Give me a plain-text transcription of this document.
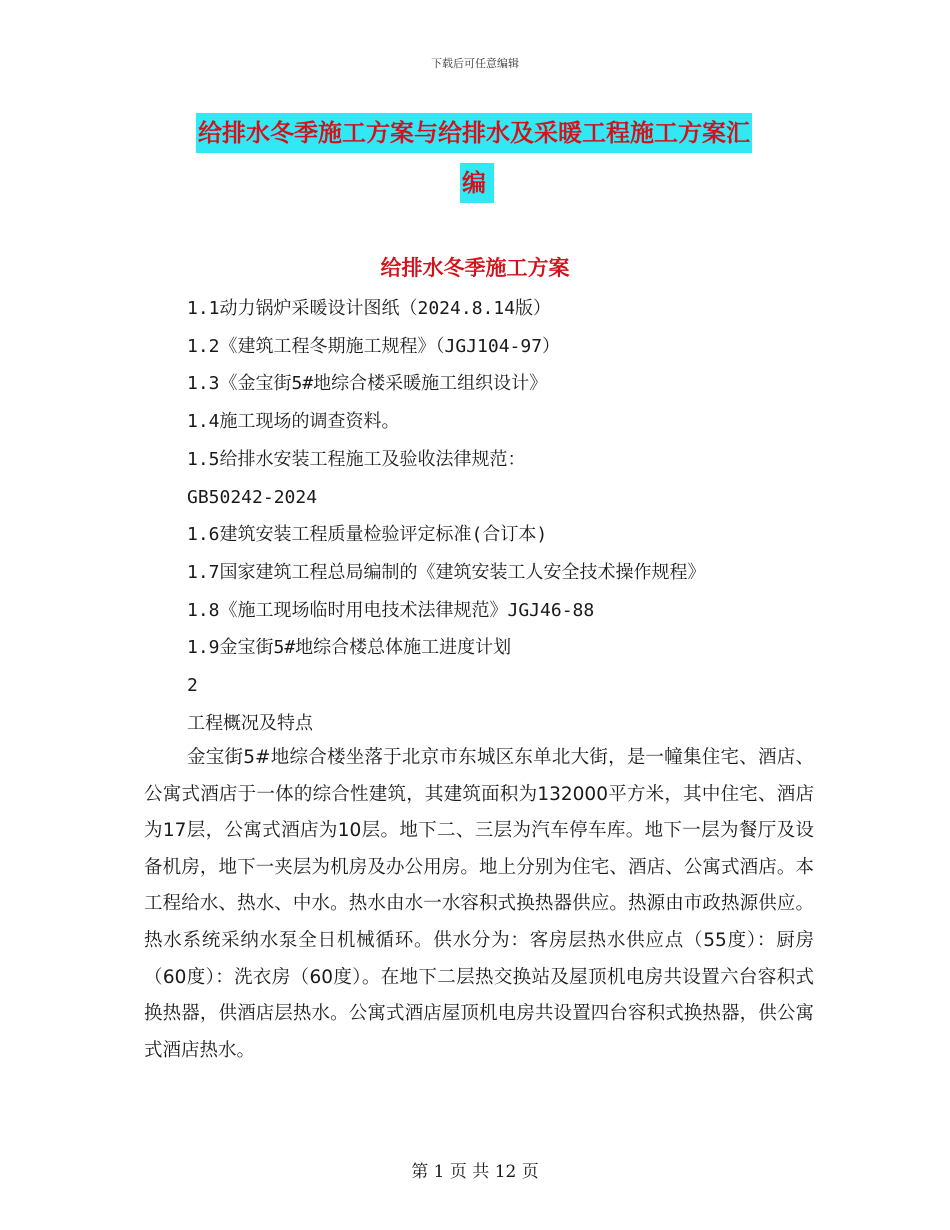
下载后可任意编辑
给排水冬季施工方案与给排水及采暖工程施工方案汇
编
给排水冬季施工方案
1.1动力锅炉采暖设计图纸（2024.8.14版）
1.2《建筑工程冬期施工规程》（JGJ104-97）
1.3《金宝街5#地综合楼采暖施工组织设计》
1.4施工现场的调查资料。
1.5给排水安装工程施工及验收法律规范：
GB50242-2024
1.6建筑安装工程质量检验评定标准(合订本)
1.7国家建筑工程总局编制的《建筑安装工人安全技术操作规程》
1.8《施工现场临时用电技术法律规范》JGJ46-88
1.9金宝街5#地综合楼总体施工进度计划
2
工程概况及特点
金宝街5#地综合楼坐落于北京市东城区东单北大街，是一幢集住宅、酒店、公寓式酒店于一体的综合性建筑，其建筑面积为132000平方米，其中住宅、酒店为17层，公寓式酒店为10层。地下二、三层为汽车停车库。地下一层为餐厅及设备机房，地下一夹层为机房及办公用房。地上分别为住宅、酒店、公寓式酒店。本工程给水、热水、中水。热水由水一水容积式换热器供应。热源由市政热源供应。热水系统采纳水泵全日机械循环。供水分为：客房层热水供应点（55度）：厨房（60度）：洗衣房（60度）。在地下二层热交换站及屋顶机电房共设置六台容积式换热器，供酒店层热水。公寓式酒店屋顶机电房共设置四台容积式换热器，供公寓式酒店热水。
第 1 页 共 12 页
